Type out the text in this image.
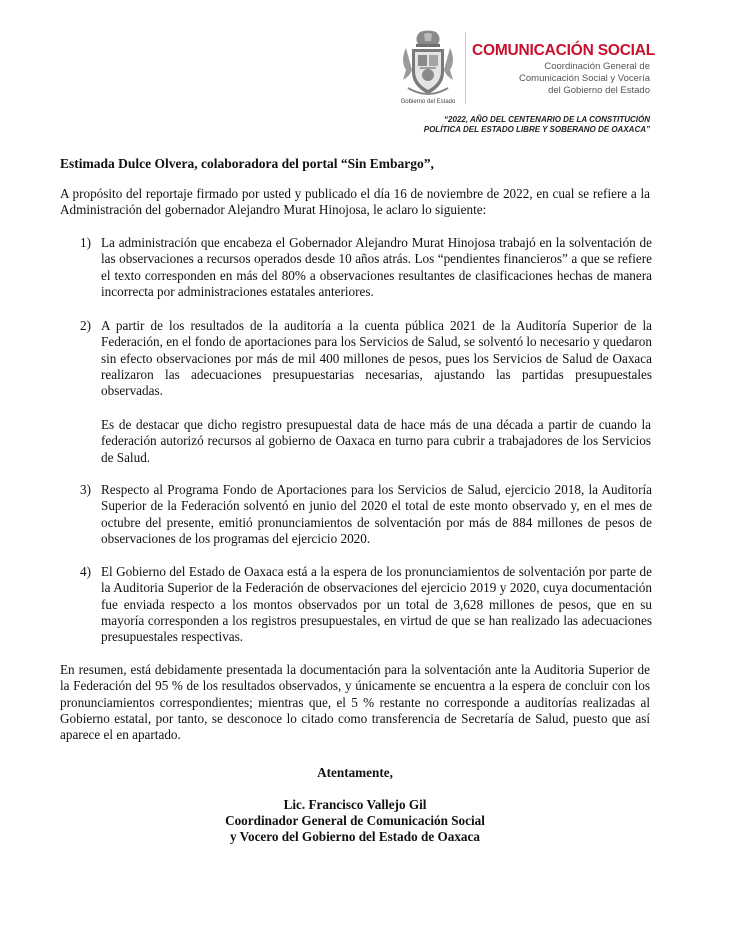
Gobierno del Estado
COMUNICACIÓN SOCIAL
Coordinación General de
Comunicación Social y Vocería
del Gobierno del Estado
“2022, AÑO DEL CENTENARIO DE LA CONSTITUCIÓN
POLÍTICA DEL ESTADO LIBRE Y SOBERANO DE OAXACA”
Estimada Dulce Olvera, colaboradora del portal “Sin Embargo”,
A propósito del reportaje firmado por usted y publicado el día 16 de noviembre de 2022, en cual se refiere a la Administración del gobernador Alejandro Murat Hinojosa, le aclaro lo siguiente:
1) La administración que encabeza el Gobernador Alejandro Murat Hinojosa trabajó en la solventación de las observaciones a recursos operados desde 10 años atrás. Los “pendientes financieros” a que se refiere el texto corresponden en más del 80% a observaciones resultantes de clasificaciones hechas de manera incorrecta por administraciones estatales anteriores.
2) A partir de los resultados de la auditoría a la cuenta pública 2021 de la Auditoría Superior de la Federación, en el fondo de aportaciones para los Servicios de Salud, se solventó lo necesario y quedaron sin efecto observaciones por más de mil 400 millones de pesos, pues los Servicios de Salud de Oaxaca realizaron las adecuaciones presupuestarias necesarias, ajustando las partidas presupuestales observadas.
Es de destacar que dicho registro presupuestal data de hace más de una década a partir de cuando la federación autorizó recursos al gobierno de Oaxaca en turno para cubrir a trabajadores de los Servicios de Salud.
3) Respecto al Programa Fondo de Aportaciones para los Servicios de Salud, ejercicio 2018, la Auditoría Superior de la Federación solventó en junio del 2020 el total de este monto observado y, en el mes de octubre del presente, emitió pronunciamientos de solventación por más de 884 millones de pesos de observaciones de los programas del ejercicio 2020.
4) El Gobierno del Estado de Oaxaca está a la espera de los pronunciamientos de solventación por parte de la Auditoria Superior de la Federación de observaciones del ejercicio 2019 y 2020, cuya documentación fue enviada respecto a los montos observados por un total de 3,628 millones de pesos, que en su mayoría corresponden a los registros presupuestales, en virtud de que se han realizado las adecuaciones presupuestales respectivas.
En resumen, está debidamente presentada la documentación para la solventación ante la Auditoria Superior de la Federación del 95 % de los resultados observados, y únicamente se encuentra a la espera de concluir con los pronunciamientos correspondientes; mientras que, el 5 % restante no corresponde a auditorías realizadas al Gobierno estatal, por tanto, se desconoce lo citado como transferencia de Secretaría de Salud, puesto que así aparece el en apartado.
Atentamente,
Lic. Francisco Vallejo Gil
Coordinador General de Comunicación Social
y Vocero del Gobierno del Estado de Oaxaca
